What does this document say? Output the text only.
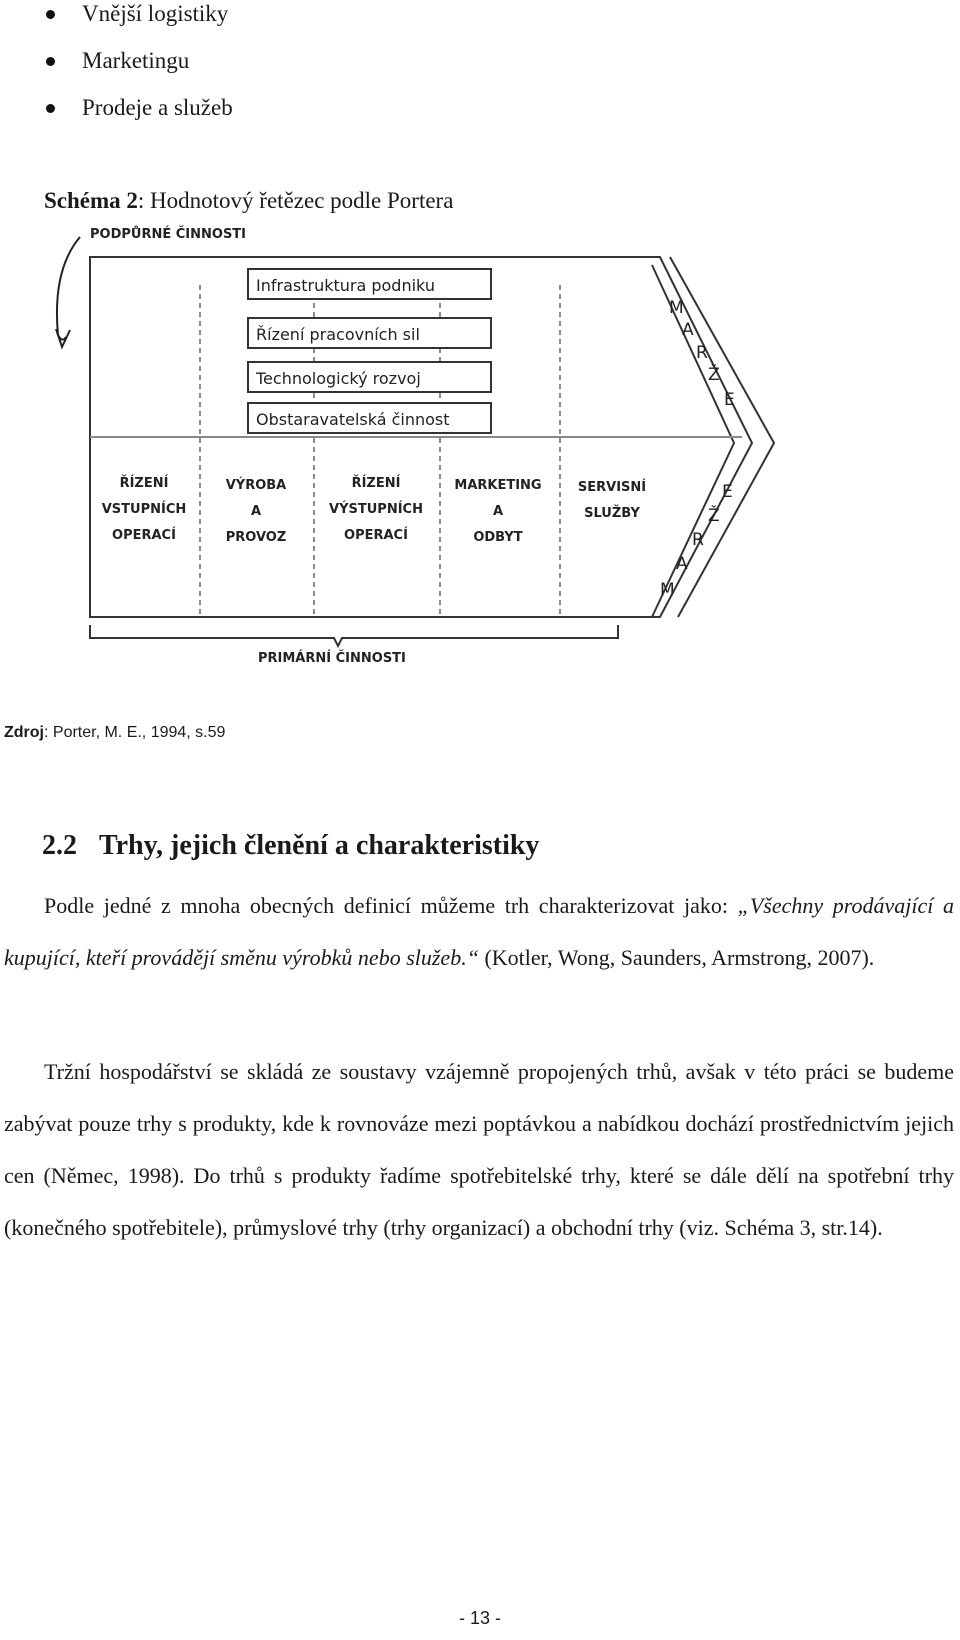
Vnější logistiky
Marketingu
Prodeje a služeb
Schéma 2: Hodnotový řetězec podle Portera
PODPŮRNÉ ČINNOSTI
Infrastruktura podniku
Řízení pracovních sil
Technologický rozvoj
Obstaravatelská činnost
ŘÍZENÍ
VSTUPNÍCH
OPERACÍ
VÝROBA
A
PROVOZ
ŘÍZENÍ
VÝSTUPNÍCH
OPERACÍ
MARKETING
A
ODBYT
SERVISNÍ
SLUŽBY
M
A
R
Ž
E
E
Ž
R
A
M
PRIMÁRNÍ ČINNOSTI
Zdroj: Porter, M. E., 1994, s.59
2.2 Trhy, jejich členění a charakteristiky

Podle jedné z mnoha obecných definicí můžeme trh charakterizovat jako: „Všechny prodávající a kupující, kteří provádějí směnu výrobků nebo služeb.“ (Kotler, Wong, Saunders, Armstrong, 2007).

Tržní hospodářství se skládá ze soustavy vzájemně propojených trhů, avšak v této práci se budeme zabývat pouze trhy s produkty, kde k rovnováze mezi poptávkou a nabídkou dochází prostřednictvím jejich cen (Němec, 1998). Do trhů s produkty řadíme spotřebitelské trhy, které se dále dělí na spotřební trhy (konečného spotřebitele), průmyslové trhy (trhy organizací) a obchodní trhy (viz. Schéma 3, str.14).

- 13 -
